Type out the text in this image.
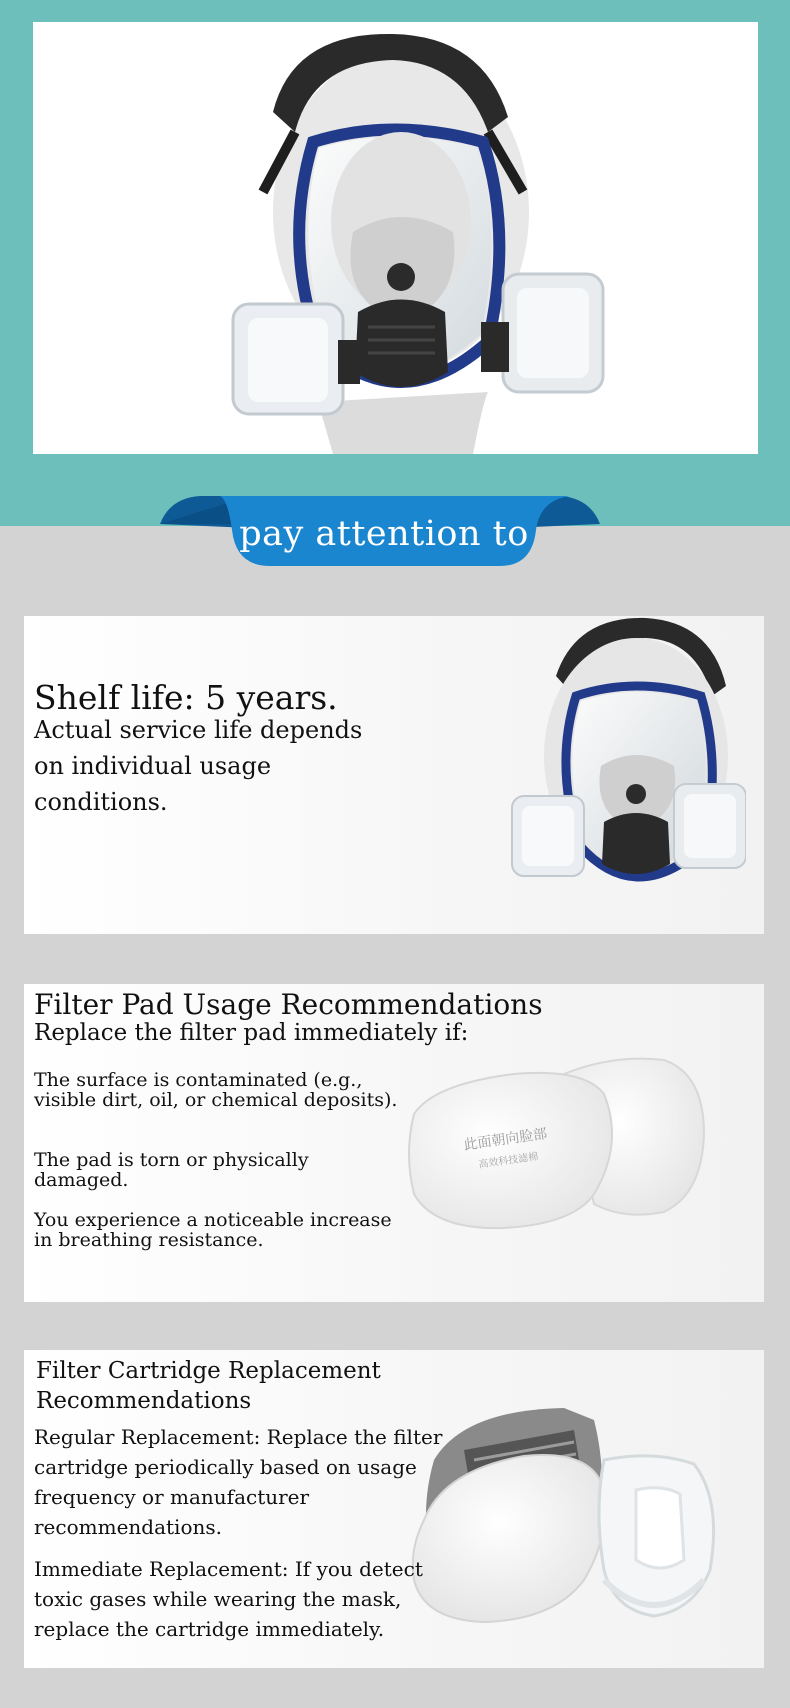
pay attention to
Shelf life: 5 years.
Actual service life depends on individual usage conditions.
Filter Pad Usage Recommendations
Replace the filter pad immediately if:
The surface is contaminated (e.g., visible dirt, oil, or chemical deposits).
The pad is torn or physically damaged.
You experience a noticeable increase in breathing resistance.
此面朝向脸部
高效科技滤棉
Filter Cartridge Replacement Recommendations
Regular Replacement: Replace the filter cartridge periodically based on usage frequency or manufacturer recommendations.
Immediate Replacement: If you detect toxic gases while wearing the mask, replace the cartridge immediately.
